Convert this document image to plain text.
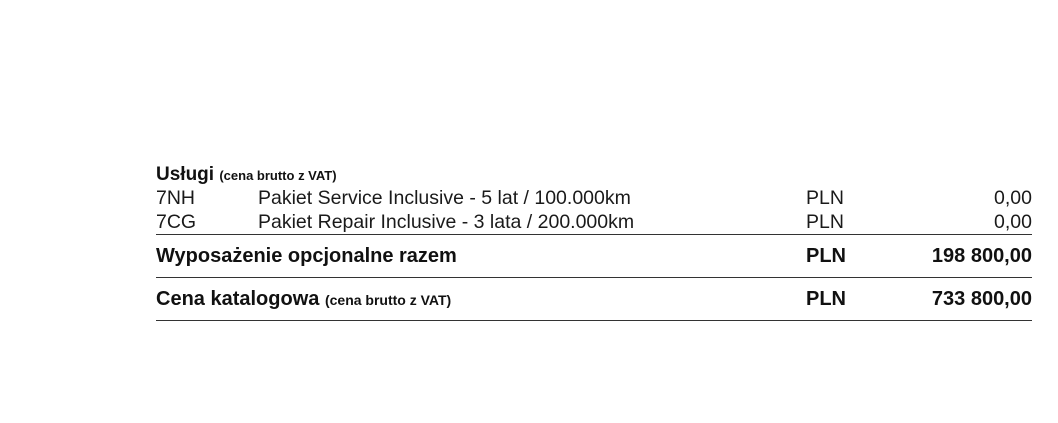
Usługi (cena brutto z VAT)
7NH	Pakiet Service Inclusive - 5 lat / 100.000km	PLN	0,00
7CG	Pakiet Repair Inclusive - 3 lata / 200.000km	PLN	0,00
Wyposażenie opcjonalne razem	PLN	198 800,00
Cena katalogowa (cena brutto z VAT)	PLN	733 800,00
